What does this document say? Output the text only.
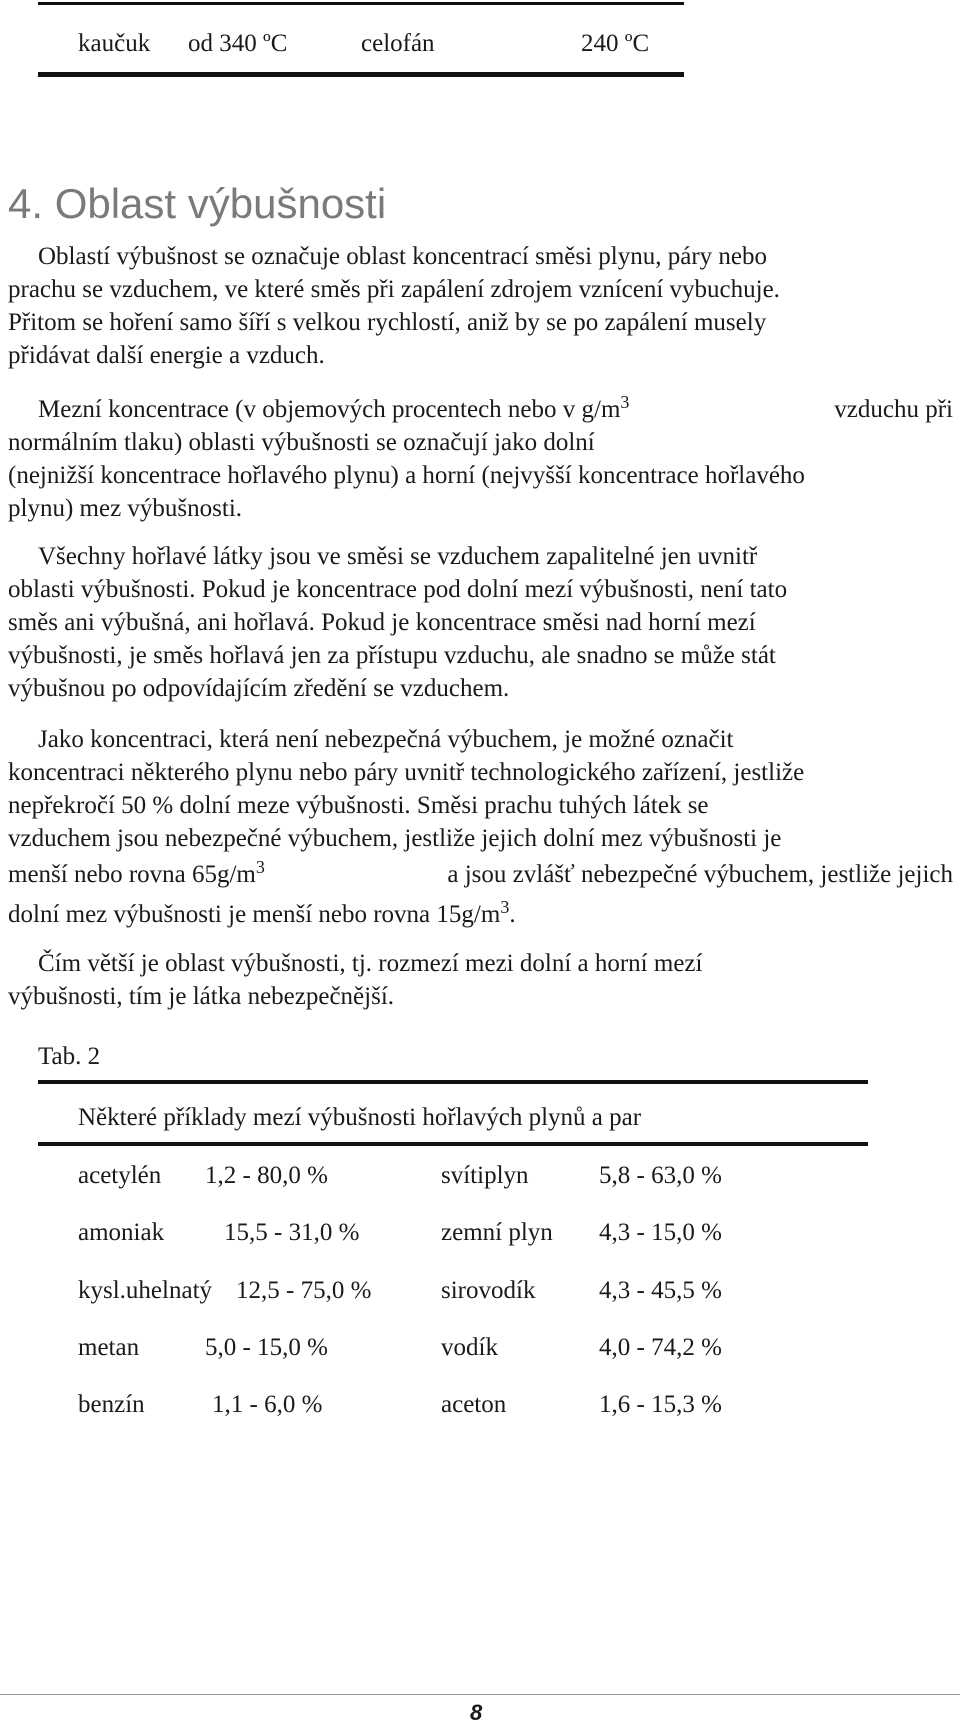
kaučuk od 340 ºC	celofán	240 ºC
4. Oblast výbušnosti
Oblastí výbušnost se označuje oblast koncentrací směsi plynu, páry nebo
prachu se vzduchem, ve které směs při zapálení zdrojem vznícení vybuchuje.
Přitom se hoření samo šíří s velkou rychlostí, aniž by se po zapálení musely
přidávat další energie a vzduch.
Mezní koncentrace (v objemových procentech nebo v $g/m^3$	vzduchu při
normálním tlaku) oblasti výbušnosti se označují jako dolní
(nejnižší koncentrace hořlavého plynu) a horní (nejvyšší koncentrace hořlavého
plynu) mez výbušnosti.
Všechny hořlavé látky jsou ve směsi se vzduchem zapalitelné jen uvnitř
oblasti výbušnosti. Pokud je koncentrace pod dolní mezí výbušnosti, není tato
směs ani výbušná, ani hořlavá. Pokud je koncentrace směsi nad horní mezí
výbušnosti, je směs hořlavá jen za přístupu vzduchu, ale snadno se může stát
výbušnou po odpovídajícím zředění se vzduchem.
Jako koncentraci, která není nebezpečná výbuchem, je možné označit
koncentraci některého plynu nebo páry uvnitř technologického zařízení, jestliže
nepřekročí 50 % dolní meze výbušnosti. Směsi prachu tuhých látek se
vzduchem jsou nebezpečné výbuchem, jestliže jejich dolní mez výbušnosti je
menší nebo rovna $65g/m^3$	a jsou zvlášť nebezpečné výbuchem, jestliže jejich
dolní mez výbušnosti je menší nebo rovna $15g/m^3$.
Čím větší je oblast výbušnosti, tj. rozmezí mezi dolní a horní mezí
výbušnosti, tím je látka nebezpečnější.
Tab. 2
Některé příklady mezí výbušnosti hořlavých plynů a par
acetylén 1,2 - 80,0 %	svítiplyn	5,8 - 63,0 %
amoniak 15,5 - 31,0 %	zemní plyn 4,3 - 15,0 %
kysl.uhelnatý 12,5 - 75,0 %	sirovodík	4,3 - 45,5 %
metan	5,0 - 15,0 %	vodík	4,0 - 74,2 %
benzín	1,1 - 6,0 %	aceton	1,6 - 15,3 %
8
